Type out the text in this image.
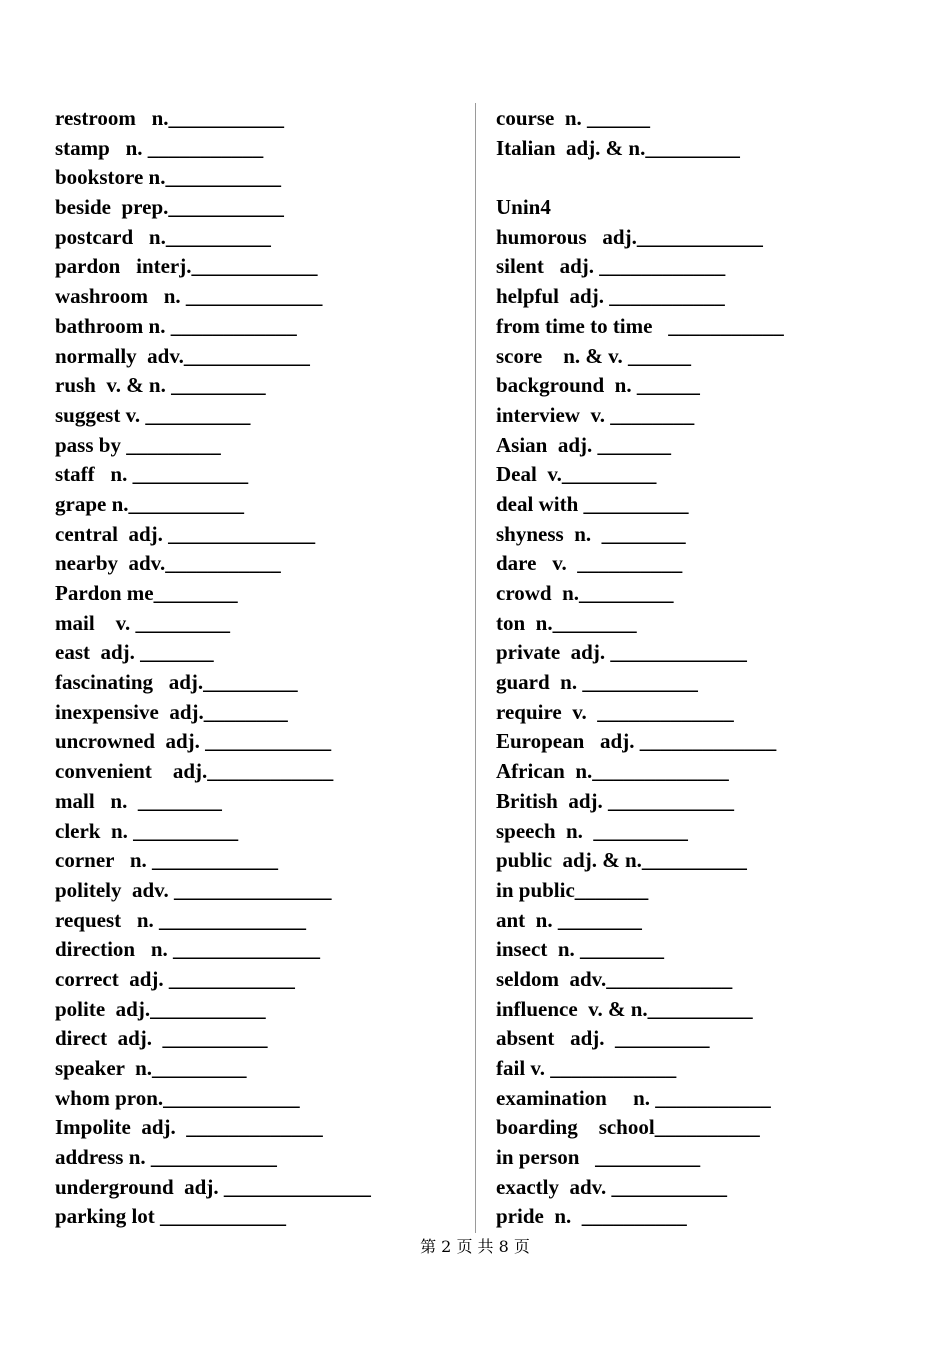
restroom   n.___________
stamp   n. ___________
bookstore n.___________
beside  prep.___________
postcard   n.__________
pardon   interj.____________
washroom   n. _____________
bathroom n. ____________
normally  adv.____________
rush  v. & n. _________
suggest v. __________
pass by _________
staff   n. ___________
grape n.___________
central  adj. ______________
nearby  adv.___________
Pardon me________
mail    v. _________
east  adj. _______
fascinating   adj._________
inexpensive  adj.________
uncrowned  adj. ____________
convenient    adj.____________
mall   n.  ________
clerk  n. __________
corner   n. ____________
politely  adv. _______________
request   n. ______________
direction   n. ______________
correct  adj. ____________
polite  adj.___________
direct  adj.  __________
speaker  n._________
whom pron._____________
Impolite  adj.  _____________
address n. ____________
underground  adj. ______________
parking lot ____________
course  n. ______
Italian  adj. & n._________
Unin4
humorous   adj.____________
silent   adj. ____________
helpful  adj. ___________
from time to time   ___________
score    n. & v. ______
background  n. ______
interview  v. ________
Asian  adj. _______
Deal  v._________
deal with __________
shyness  n.  ________
dare   v.  __________
crowd  n._________
ton  n.________
private  adj. _____________
guard  n. ___________
require  v.  _____________
European   adj. _____________
African  n._____________
British  adj. ____________
speech  n.  _________
public  adj. & n.__________
in public_______
ant  n. ________
insect  n. ________
seldom  adv.____________
influence  v. & n.__________
absent   adj.  _________
fail v. ____________
examination     n. ___________
boarding    school__________
in person   __________
exactly  adv. ___________
pride  n.  __________
第 2 页 共 8 页
